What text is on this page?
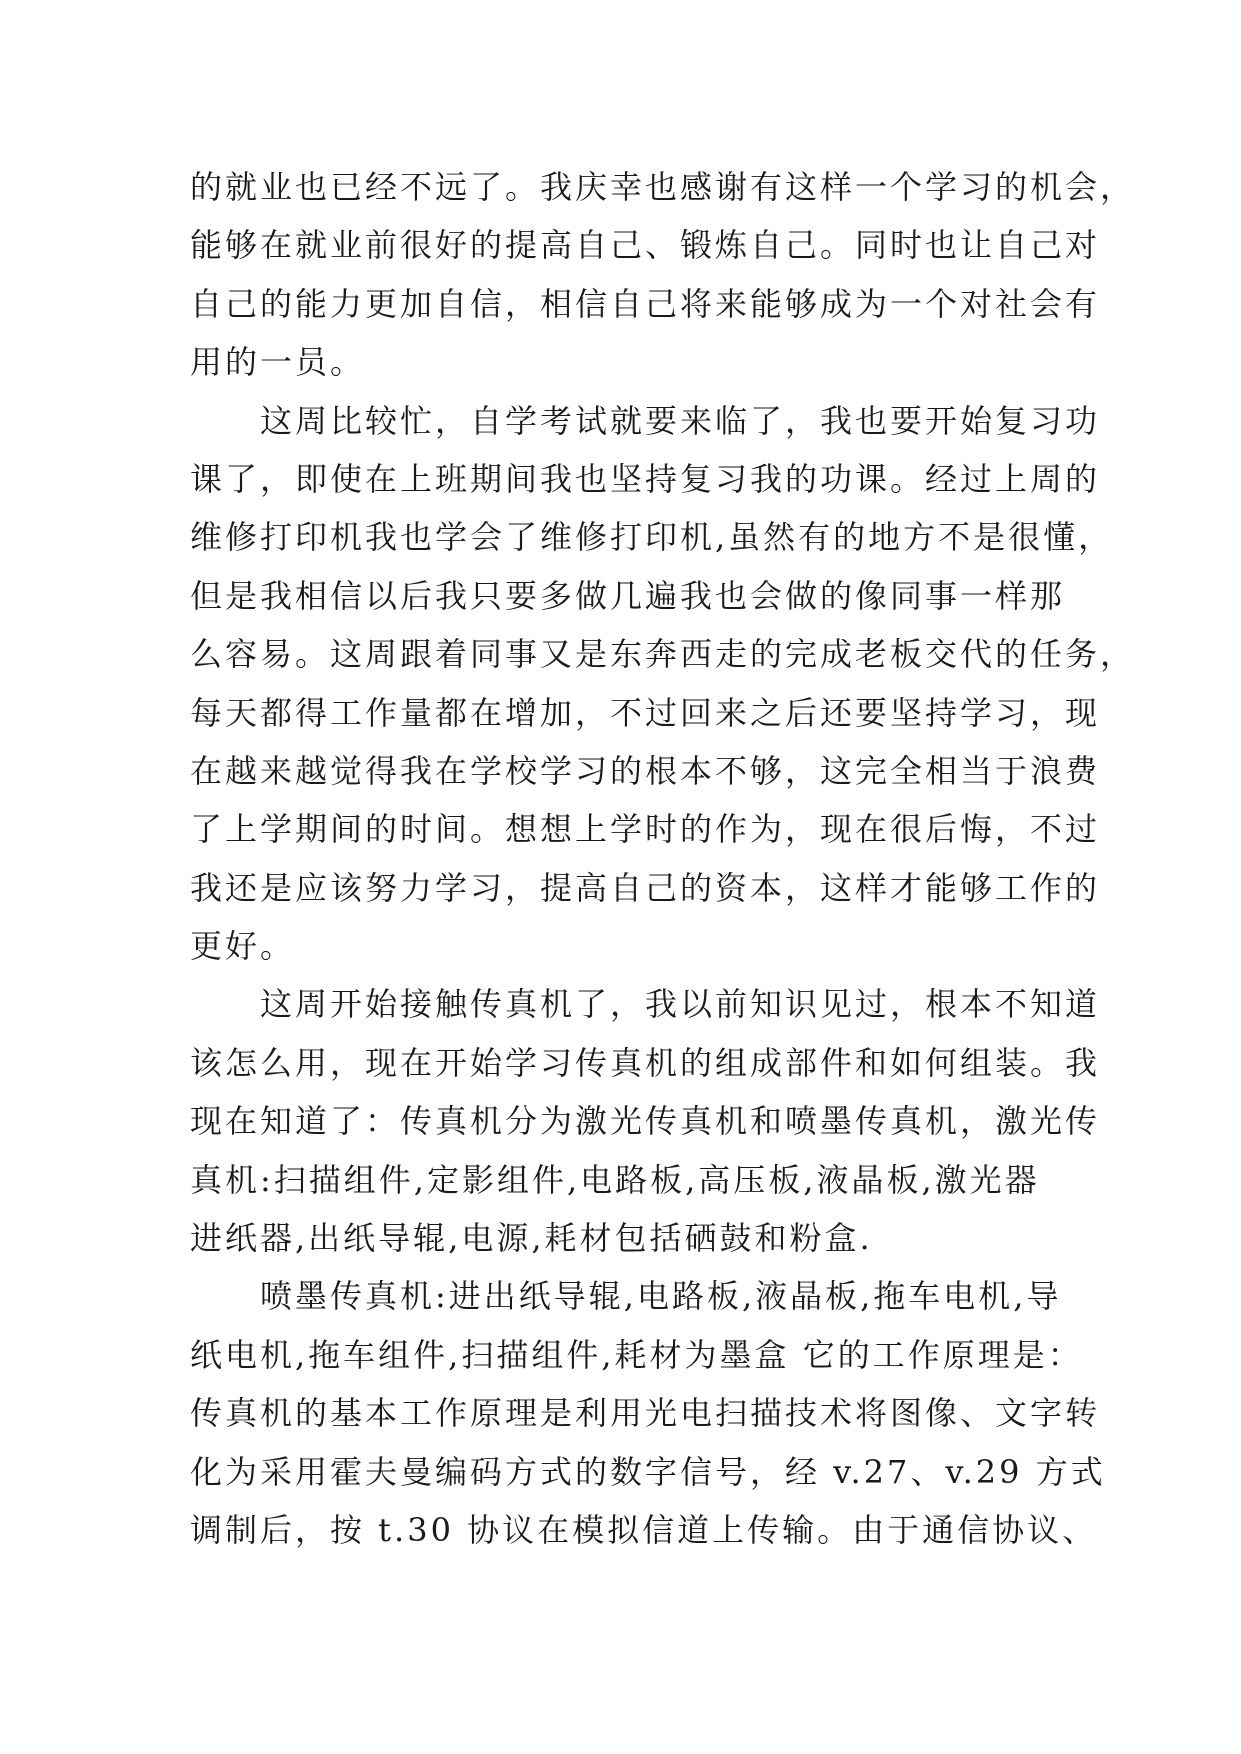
的就业也已经不远了。我庆幸也感谢有这样一个学习的机会，
能够在就业前很好的提高自己、锻炼自己。同时也让自己对
自己的能力更加自信，相信自己将来能够成为一个对社会有
用的一员。
这周比较忙，自学考试就要来临了，我也要开始复习功
课了，即使在上班期间我也坚持复习我的功课。经过上周的
维修打印机我也学会了维修打印机,虽然有的地方不是很懂，
但是我相信以后我只要多做几遍我也会做的像同事一样那
么容易。这周跟着同事又是东奔西走的完成老板交代的任务，
每天都得工作量都在增加，不过回来之后还要坚持学习，现
在越来越觉得我在学校学习的根本不够，这完全相当于浪费
了上学期间的时间。想想上学时的作为，现在很后悔，不过
我还是应该努力学习，提高自己的资本，这样才能够工作的
更好。
这周开始接触传真机了，我以前知识见过，根本不知道
该怎么用，现在开始学习传真机的组成部件和如何组装。我
现在知道了：传真机分为激光传真机和喷墨传真机，激光传
真机:扫描组件,定影组件,电路板,高压板,液晶板,激光器
进纸器,出纸导辊,电源,耗材包括硒鼓和粉盒.
喷墨传真机:进出纸导辊,电路板,液晶板,拖车电机,导
纸电机,拖车组件,扫描组件,耗材为墨盒 它的工作原理是：
传真机的基本工作原理是利用光电扫描技术将图像、文字转
化为采用霍夫曼编码方式的数字信号，经 v.27、v.29 方式
调制后，按 t.30 协议在模拟信道上传输。由于通信协议、
